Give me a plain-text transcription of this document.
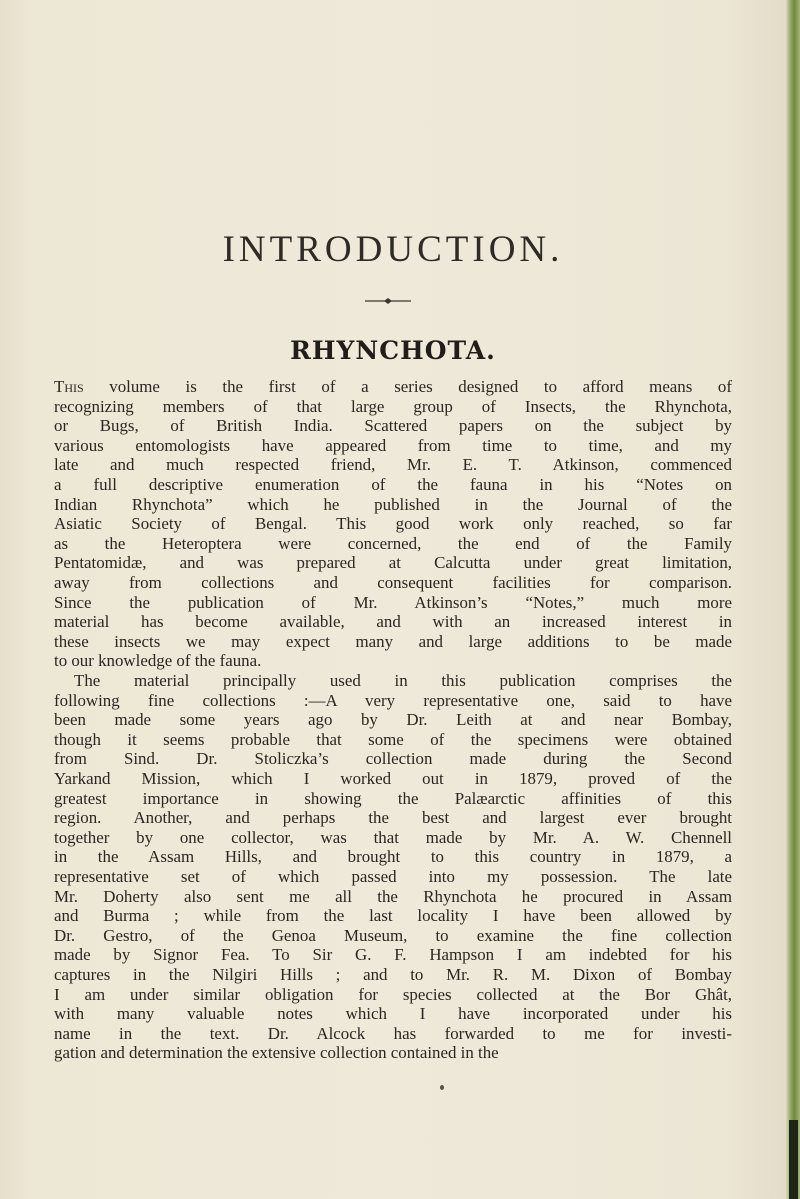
INTRODUCTION.
RHYNCHOTA.
This volume is the first of a series designed to afford means of
recognizing members of that large group of Insects, the Rhynchota,
or Bugs, of British India. Scattered papers on the subject by
various entomologists have appeared from time to time, and my
late and much respected friend, Mr. E. T. Atkinson, commenced
a full descriptive enumeration of the fauna in his “Notes on
Indian Rhynchota” which he published in the Journal of the
Asiatic Society of Bengal. This good work only reached, so far
as the Heteroptera were concerned, the end of the Family
Pentatomidæ, and was prepared at Calcutta under great limitation,
away from collections and consequent facilities for comparison.
Since the publication of Mr. Atkinson’s “Notes,” much more
material has become available, and with an increased interest in
these insects we may expect many and large additions to be made
to our knowledge of the fauna.
The material principally used in this publication comprises the
following fine collections :—A very representative one, said to have
been made some years ago by Dr. Leith at and near Bombay,
though it seems probable that some of the specimens were obtained
from Sind. Dr. Stoliczka’s collection made during the Second
Yarkand Mission, which I worked out in 1879, proved of the
greatest importance in showing the Palæarctic affinities of this
region. Another, and perhaps the best and largest ever brought
together by one collector, was that made by Mr. A. W. Chennell
in the Assam Hills, and brought to this country in 1879, a
representative set of which passed into my possession. The late
Mr. Doherty also sent me all the Rhynchota he procured in Assam
and Burma ; while from the last locality I have been allowed by
Dr. Gestro, of the Genoa Museum, to examine the fine collection
made by Signor Fea. To Sir G. F. Hampson I am indebted for his
captures in the Nilgiri Hills ; and to Mr. R. M. Dixon of Bombay
I am under similar obligation for species collected at the Bor Ghât,
with many valuable notes which I have incorporated under his
name in the text. Dr. Alcock has forwarded to me for investi-
gation and determination the extensive collection contained in the
